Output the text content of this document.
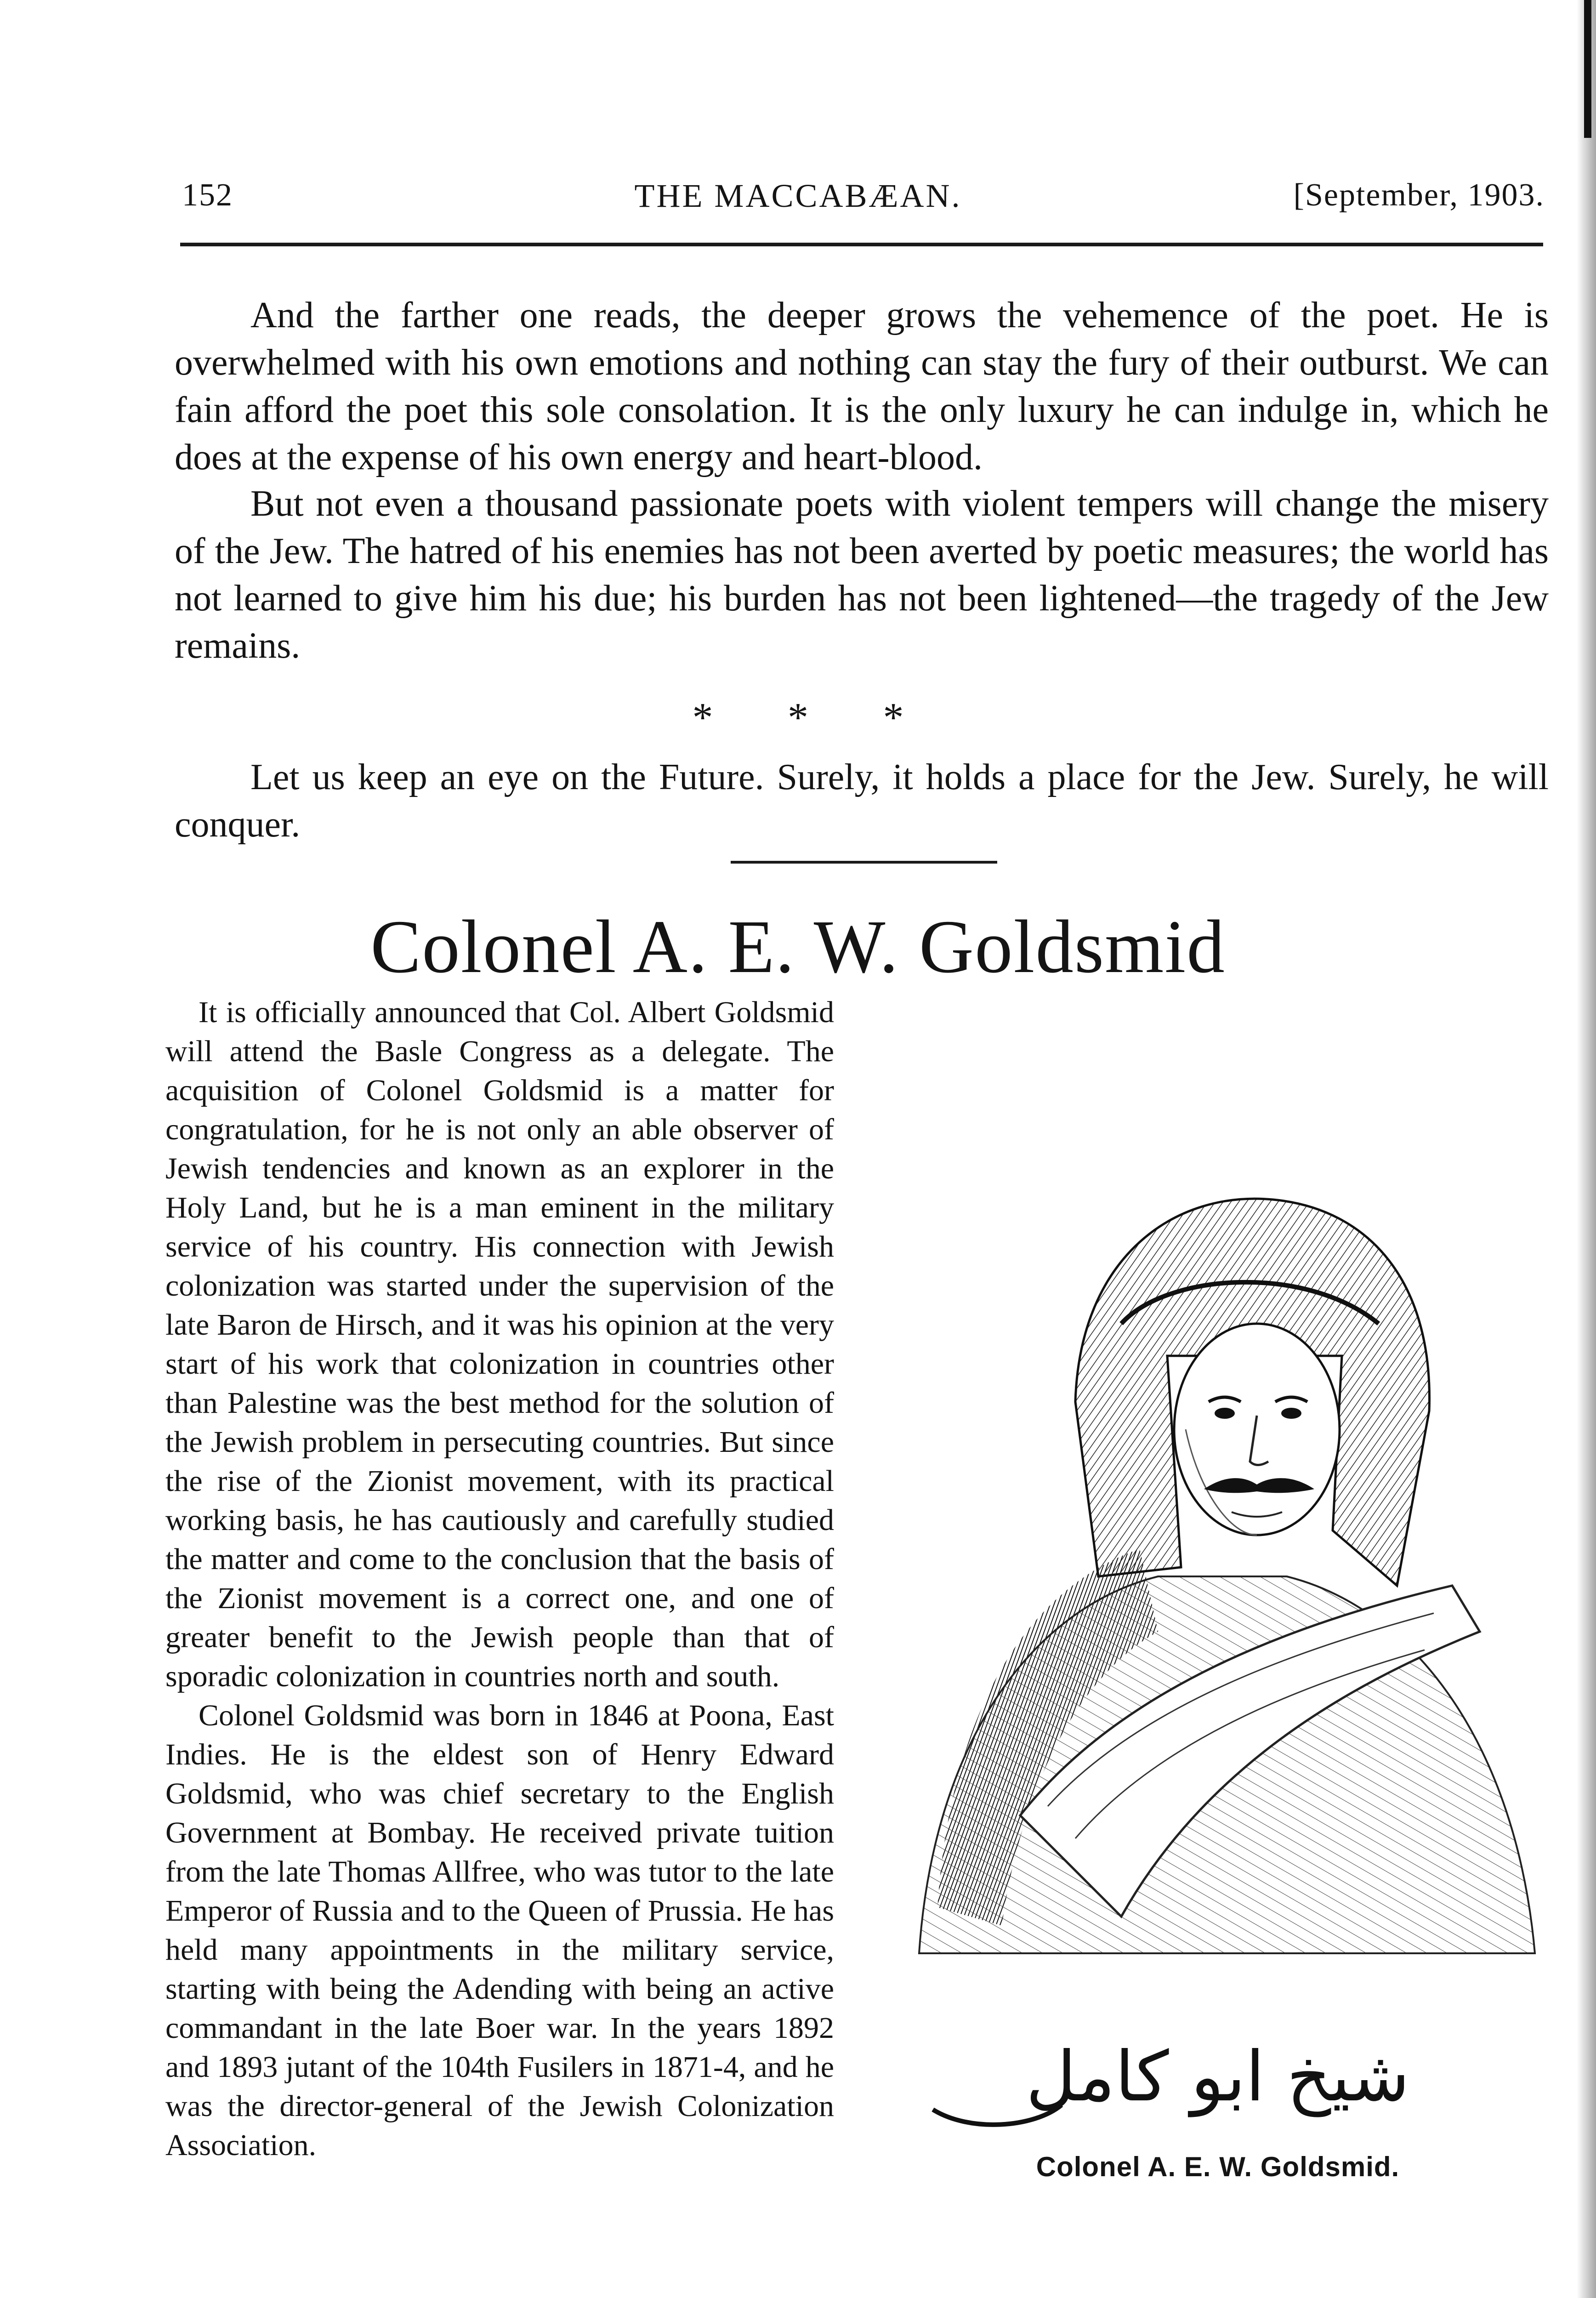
152	THE MACCABÆAN.	[September, 1903.

And the farther one reads, the deeper grows the vehemence of the poet. He is overwhelmed with his own emotions and nothing can stay the fury of their outburst. We can fain afford the poet this sole consolation. It is the only luxury he can indulge in, which he does at the expense of his own energy and heart-blood.

But not even a thousand passionate poets with violent tempers will change the misery of the Jew. The hatred of his enemies has not been averted by poetic measures; the world has not learned to give him his due; his burden has not been lightened—the tragedy of the Jew remains.

* * *

Let us keep an eye on the Future. Surely, it holds a place for the Jew. Surely, he will conquer.

Colonel A. E. W. Goldsmid

It is officially announced that Col. Albert Goldsmid will attend the Basle Congress as a delegate. The acquisition of Colonel Goldsmid is a matter for congratulation, for he is not only an able observer of Jewish tendencies and known as an explorer in the Holy Land, but he is a man eminent in the military service of his country. His connection with Jewish colonization was started under the supervision of the late Baron de Hirsch, and it was his opinion at the very start of his work that colonization in countries other than Palestine was the best method for the solution of the Jewish problem in persecuting countries. But since the rise of the Zionist movement, with its practical working basis, he has cautiously and carefully studied the matter and come to the conclusion that the basis of the Zionist movement is a correct one, and one of greater benefit to the Jewish people than that of sporadic colonization in countries north and south.

Colonel Goldsmid was born in 1846 at Poona, East Indies. He is the eldest son of Henry Edward Goldsmid, who was chief secretary to the English Government at Bombay. He received private tuition from the late Thomas Allfree, who was tutor to the late Emperor of Russia and to the Queen of Prussia. He has held many appointments in the military service, starting with being the Adending with being an active commandant in the late Boer war. In the years 1892 and 1893 jutant of the 104th Fusilers in 1871-4, and he was the director-general of the Jewish Colonization Association.

شيخ ابو كامل
Colonel A. E. W. Goldsmid.
